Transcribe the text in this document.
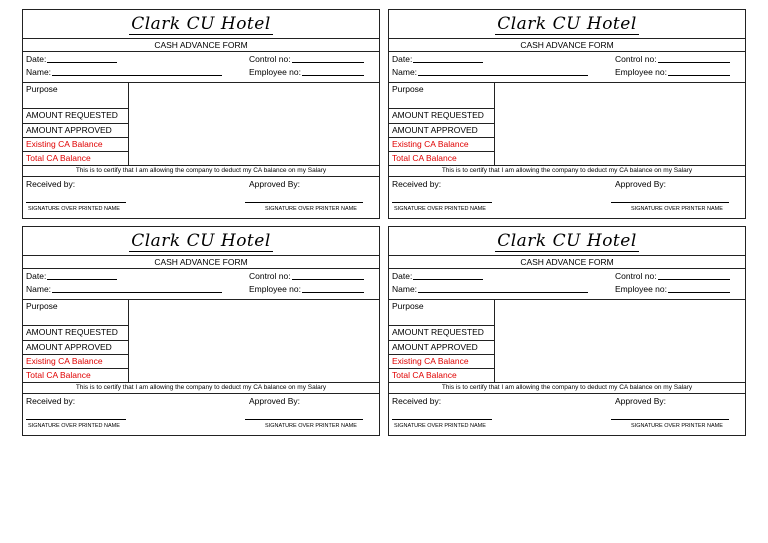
Clark CU Hotel
CASH ADVANCE FORM
Date:	Control no:
Name:	Employee no:
Purpose
AMOUNT REQUESTED
AMOUNT APPROVED
Existing CA Balance
Total CA Balance
This is to certify that I am allowing the company to deduct my CA balance on my Salary
Received by:	Approved By:
SIGNATURE OVER PRINTED NAME	SIGNATURE OVER PRINTER NAME
Clark CU Hotel
CASH ADVANCE FORM
Date:	Control no:
Name:	Employee no:
Purpose
AMOUNT REQUESTED
AMOUNT APPROVED
Existing CA Balance
Total CA Balance
This is to certify that I am allowing the company to deduct my CA balance on my Salary
Received by:	Approved By:
SIGNATURE OVER PRINTED NAME	SIGNATURE OVER PRINTER NAME
Clark CU Hotel
CASH ADVANCE FORM
Date:	Control no:
Name:	Employee no:
Purpose
AMOUNT REQUESTED
AMOUNT APPROVED
Existing CA Balance
Total CA Balance
This is to certify that I am allowing the company to deduct my CA balance on my Salary
Received by:	Approved By:
SIGNATURE OVER PRINTED NAME	SIGNATURE OVER PRINTER NAME
Clark CU Hotel
CASH ADVANCE FORM
Date:	Control no:
Name:	Employee no:
Purpose
AMOUNT REQUESTED
AMOUNT APPROVED
Existing CA Balance
Total CA Balance
This is to certify that I am allowing the company to deduct my CA balance on my Salary
Received by:	Approved By:
SIGNATURE OVER PRINTED NAME	SIGNATURE OVER PRINTER NAME
